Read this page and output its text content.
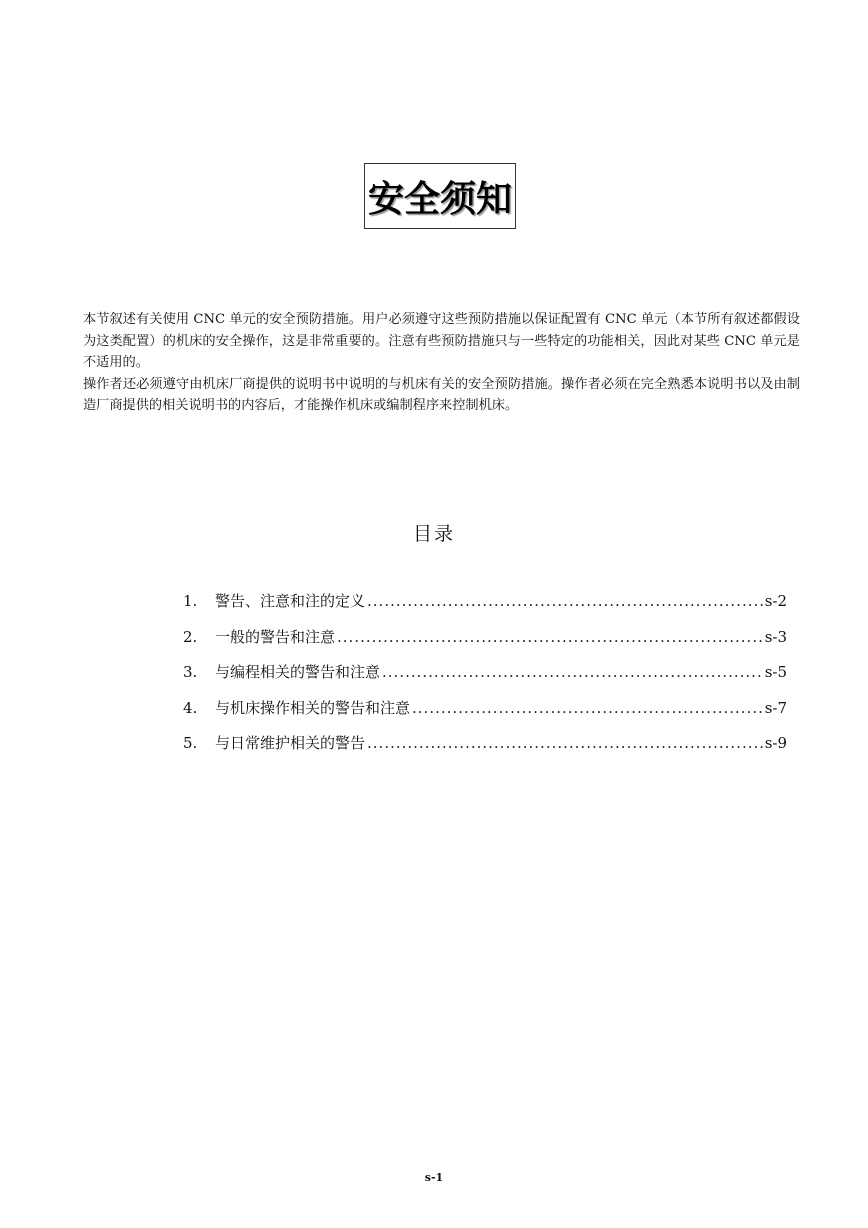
安全须知

本节叙述有关使用 CNC 单元的安全预防措施。用户必须遵守这些预防措施以保证配置有 CNC 单元（本节所有叙述都假设为这类配置）的机床的安全操作，这是非常重要的。注意有些预防措施只与一些特定的功能相关，因此对某些 CNC 单元是不适用的。

操作者还必须遵守由机床厂商提供的说明书中说明的与机床有关的安全预防措施。操作者必须在完全熟悉本说明书以及由制造厂商提供的相关说明书的内容后，才能操作机床或编制程序来控制机床。

目录
1.	警告、注意和注的定义 .....	s-2
2.	一般的警告和注意 .....	s-3
3.	与编程相关的警告和注意 .....	s-5
4.	与机床操作相关的警告和注意 .....	s-7
5.	与日常维护相关的警告 .....	s-9
s-1
